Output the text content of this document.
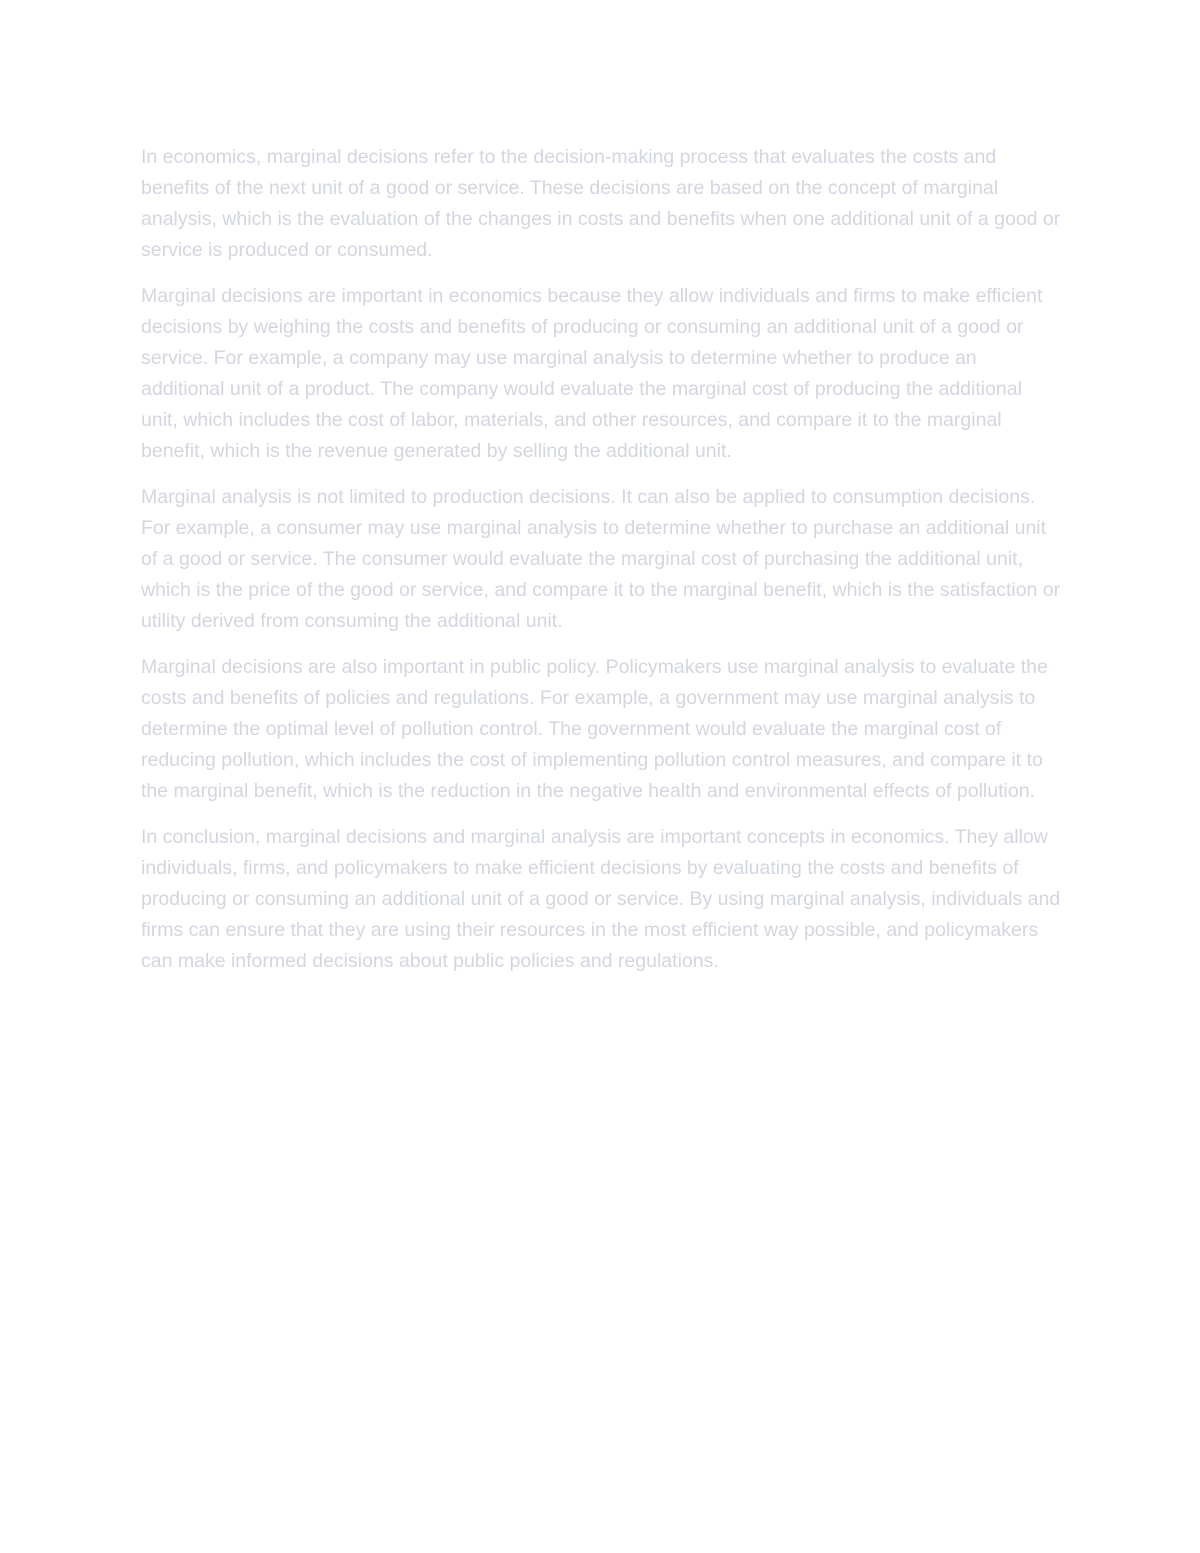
In economics, marginal decisions refer to the decision-making process that evaluates the costs and benefits of the next unit of a good or service. These decisions are based on the concept of marginal analysis, which is the evaluation of the changes in costs and benefits when one additional unit of a good or service is produced or consumed.

Marginal decisions are important in economics because they allow individuals and firms to make efficient decisions by weighing the costs and benefits of producing or consuming an additional unit of a good or service. For example, a company may use marginal analysis to determine whether to produce an additional unit of a product. The company would evaluate the marginal cost of producing the additional unit, which includes the cost of labor, materials, and other resources, and compare it to the marginal benefit, which is the revenue generated by selling the additional unit.

Marginal analysis is not limited to production decisions. It can also be applied to consumption decisions. For example, a consumer may use marginal analysis to determine whether to purchase an additional unit of a good or service. The consumer would evaluate the marginal cost of purchasing the additional unit, which is the price of the good or service, and compare it to the marginal benefit, which is the satisfaction or utility derived from consuming the additional unit.

Marginal decisions are also important in public policy. Policymakers use marginal analysis to evaluate the costs and benefits of policies and regulations. For example, a government may use marginal analysis to determine the optimal level of pollution control. The government would evaluate the marginal cost of reducing pollution, which includes the cost of implementing pollution control measures, and compare it to the marginal benefit, which is the reduction in the negative health and environmental effects of pollution.

In conclusion, marginal decisions and marginal analysis are important concepts in economics. They allow individuals, firms, and policymakers to make efficient decisions by evaluating the costs and benefits of producing or consuming an additional unit of a good or service. By using marginal analysis, individuals and firms can ensure that they are using their resources in the most efficient way possible, and policymakers can make informed decisions about public policies and regulations.
